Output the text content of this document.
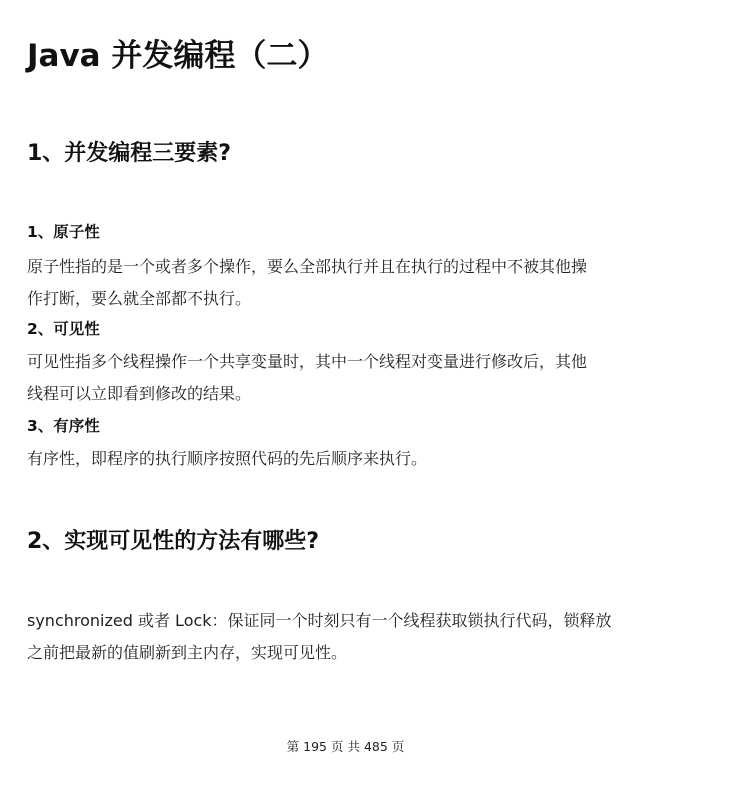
Java 并发编程（二）
1、并发编程三要素?
1、原子性

原子性指的是一个或者多个操作，要么全部执行并且在执行的过程中不被其他操
作打断，要么就全部都不执行。

2、可见性

可见性指多个线程操作一个共享变量时，其中一个线程对变量进行修改后，其他
线程可以立即看到修改的结果。

3、有序性

有序性，即程序的执行顺序按照代码的先后顺序来执行。

2、实现可见性的方法有哪些?

synchronized 或者 Lock：保证同一个时刻只有一个线程获取锁执行代码，锁释放
之前把最新的值刷新到主内存，实现可见性。

第 195 页 共 485 页
